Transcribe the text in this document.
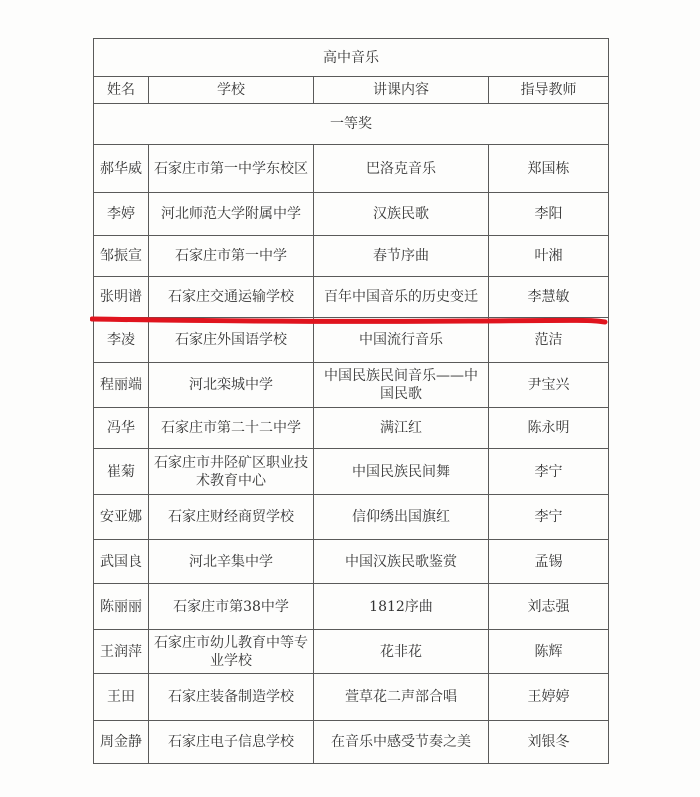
高中音乐			
姓名	学校	讲课内容	指导教师
一等奖			
郝华威	石家庄市第一中学东校区	巴洛克音乐	郑国栋
李婷	河北师范大学附属中学	汉族民歌	李阳
邹振宣	石家庄市第一中学	春节序曲	叶湘
张明谱	石家庄交通运输学校	百年中国音乐的历史变迁	李慧敏
李凌	石家庄外国语学校	中国流行音乐	范洁
程丽端	河北栾城中学	中国民族民间音乐——中国民歌	尹宝兴
冯华	石家庄市第二十二中学	满江红	陈永明
崔菊	石家庄市井陉矿区职业技术教育中心	中国民族民间舞	李宁
安亚娜	石家庄财经商贸学校	信仰绣出国旗红	李宁
武国良	河北辛集中学	中国汉族民歌鉴赏	孟锡
陈丽丽	石家庄市第38中学	1812序曲	刘志强
王润萍	石家庄市幼儿教育中等专业学校	花非花	陈辉
王田	石家庄装备制造学校	萱草花二声部合唱	王婷婷
周金静	石家庄电子信息学校	在音乐中感受节奏之美	刘银冬
